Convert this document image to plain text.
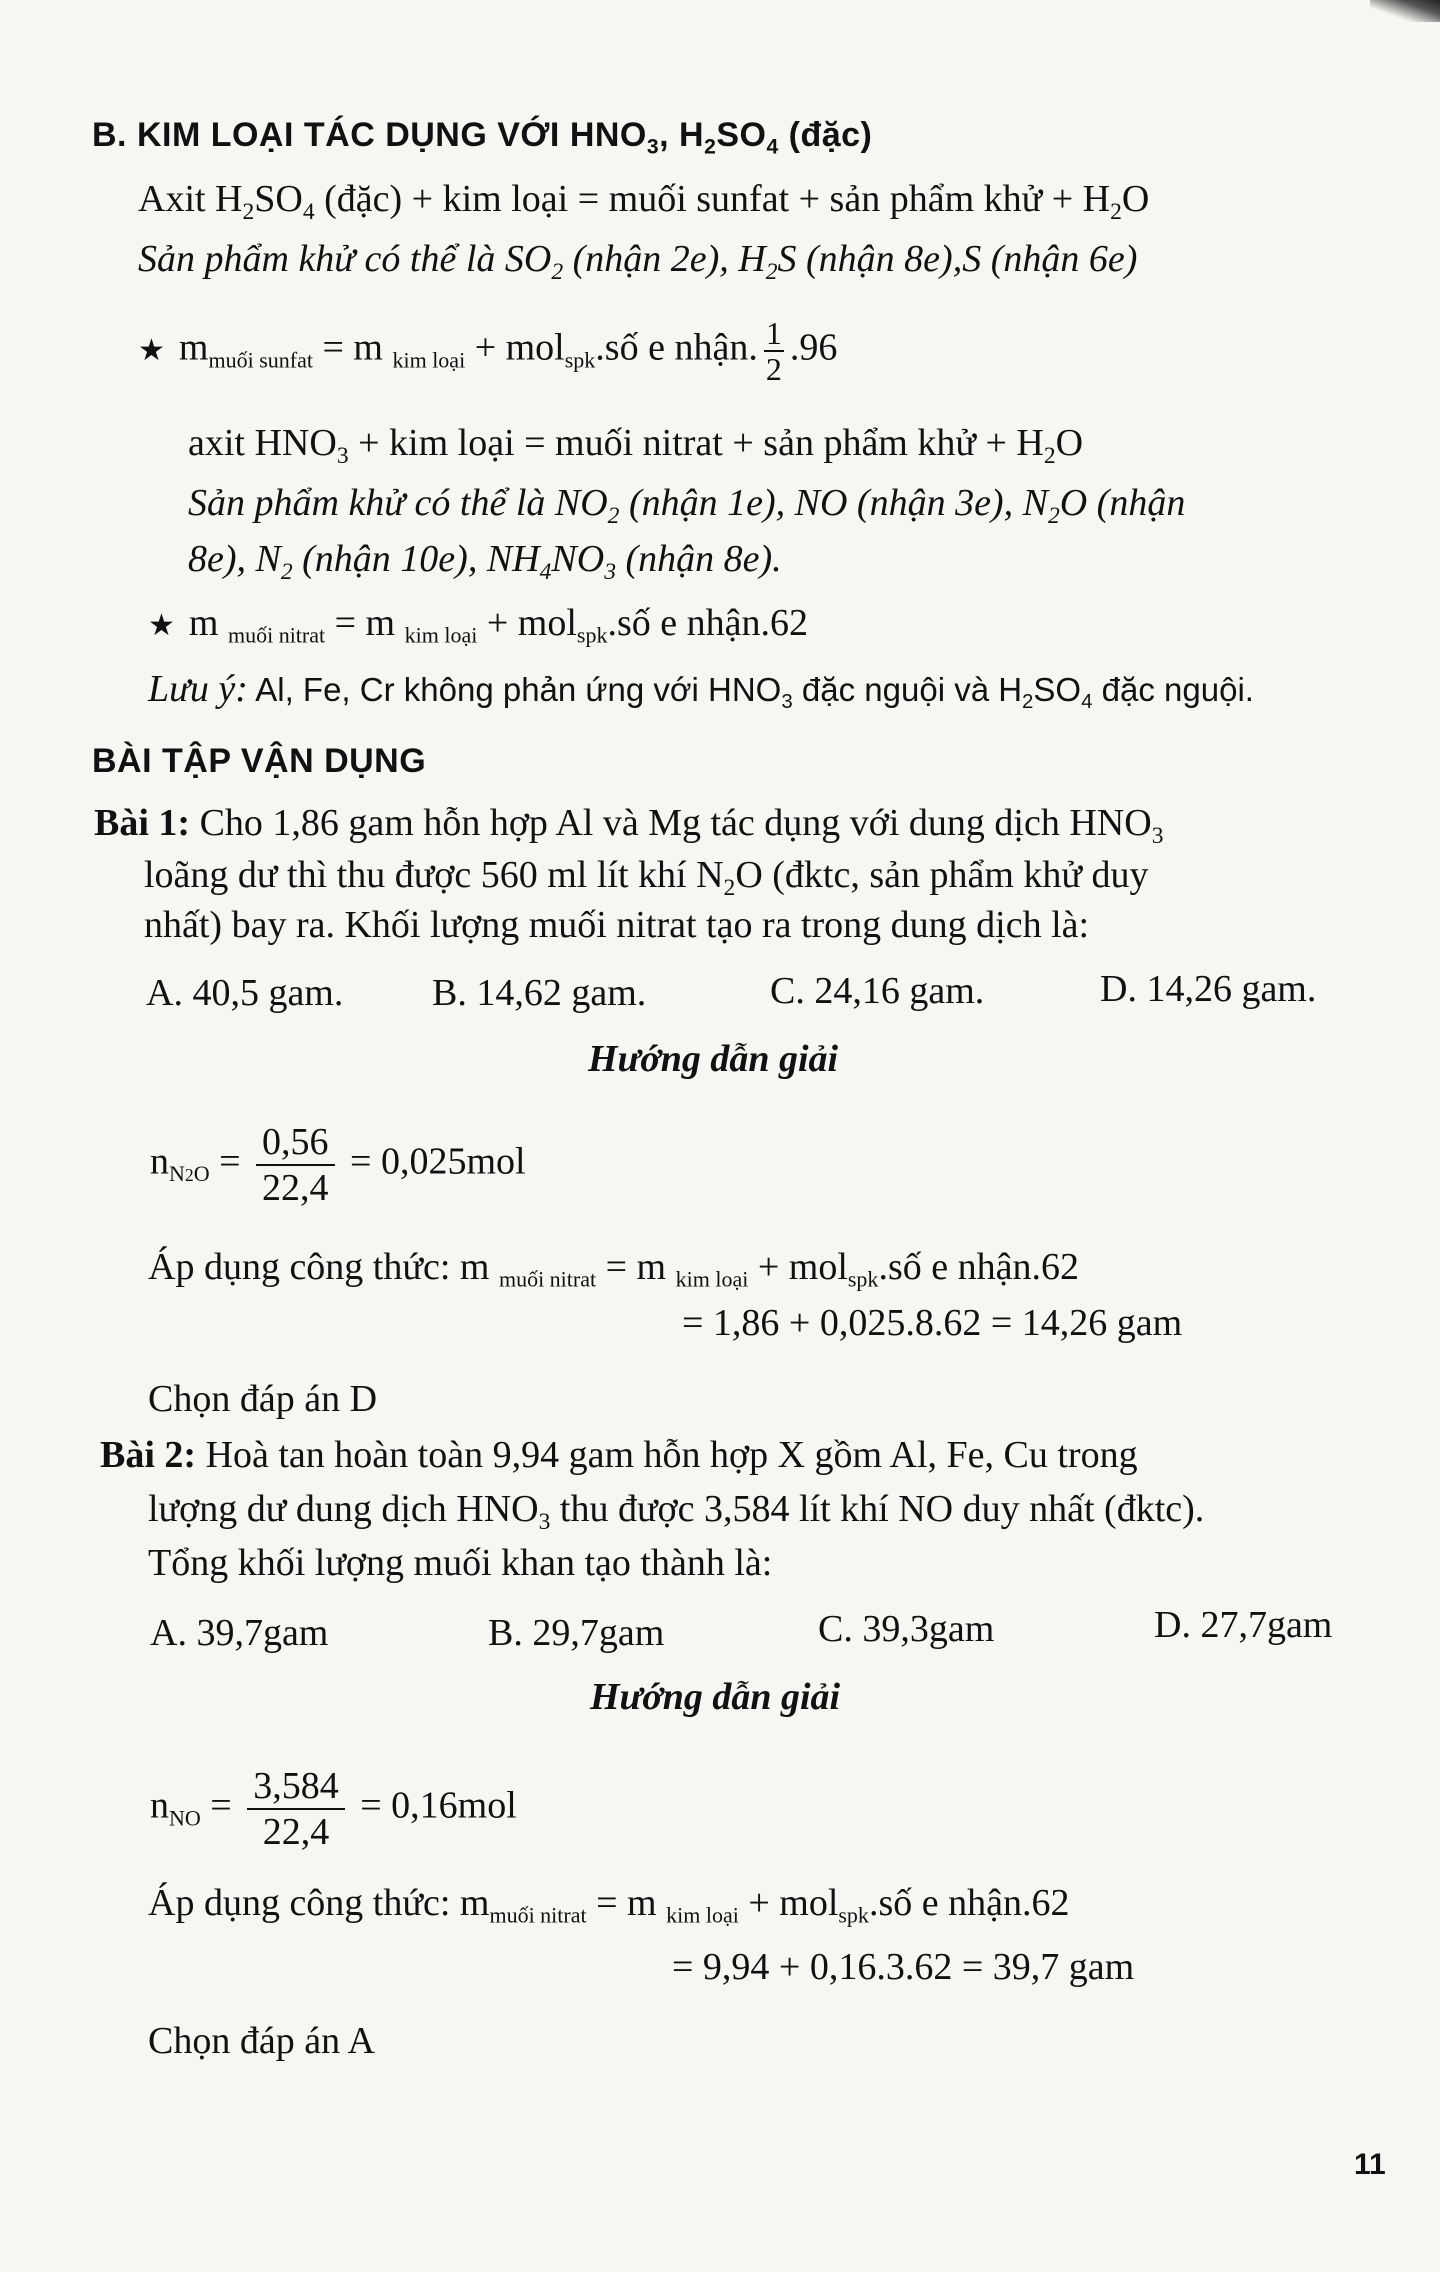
B. KIM LOẠI TÁC DỤNG VỚI $HNO_3$, $H_2SO_4$ (đặc)
Axit $H_2SO_4$ (đặc) + kim loại = muối sunfat + sản phẩm khử + $H_2O$
Sản phẩm khử có thể là $SO_2$ (nhận 2e), $H_2S$ (nhận 8e),S (nhận 6e)
★ $m_{muối sunfat} = m$ $_{kim loại}$ + mol$_{spk}$.số e nhận. $\frac{1}{2} .96$
axit $HNO_3$ + kim loại = muối nitrat + sản phẩm khử + $H_2O$
Sản phẩm khử có thể là $NO_2$ (nhận 1e), NO (nhận 3e), $N_2O$ (nhận
8e), $N_2$ (nhận 10e), $NH_4NO_3$ (nhận 8e).
★ m $_{muối nitrat}$ = m $_{kim loại}$ + mol$_{spk}$.số e nhận.62
Lưu ý: Al, Fe, Cr không phản ứng với $HNO_3$ đặc nguội và $H_2SO_4$ đặc nguội.
BÀI TẬP VẬN DỤNG
Bài 1: Cho 1,86 gam hỗn hợp Al và Mg tác dụng với dung dịch $HNO_3$
loãng dư thì thu được 560 ml lít khí $N_2O$ (đktc, sản phẩm khử duy
nhất) bay ra. Khối lượng muối nitrat tạo ra trong dung dịch là:
A. 40,5 gam. B. 14,62 gam.	C. 24,16 gam.	D. 14,26 gam.
Hướng dẫn giải
$n_{N2O} = \frac{0,56}{22,4} = 0,025mol$
Áp dụng công thức: m $_{muối nitrat}$ = m $_{kim loại}$ + mol$_{spk}$.số e nhận.62
= 1,86 + 0,025.8.62 = 14,26 gam
Chọn đáp án D
Bài 2: Hoà tan hoàn toàn 9,94 gam hỗn hợp X gồm Al, Fe, Cu trong
lượng dư dung dịch $HNO_3$ thu được 3,584 lít khí NO duy nhất (đktc).
Tổng khối lượng muối khan tạo thành là:
A. 39,7gam	B. 29,7gam	C. 39,3gam	D. 27,7gam
Hướng dẫn giải
$n_{NO} = \frac{3,584}{22,4} = 0,16mol$
Áp dụng công thức: $m_{muối nitrat} = m$ $_{kim loại}$ + mol$_{spk}$.số e nhận.62
= 9,94 + 0,16.3.62 = 39,7 gam
Chọn đáp án A
11
